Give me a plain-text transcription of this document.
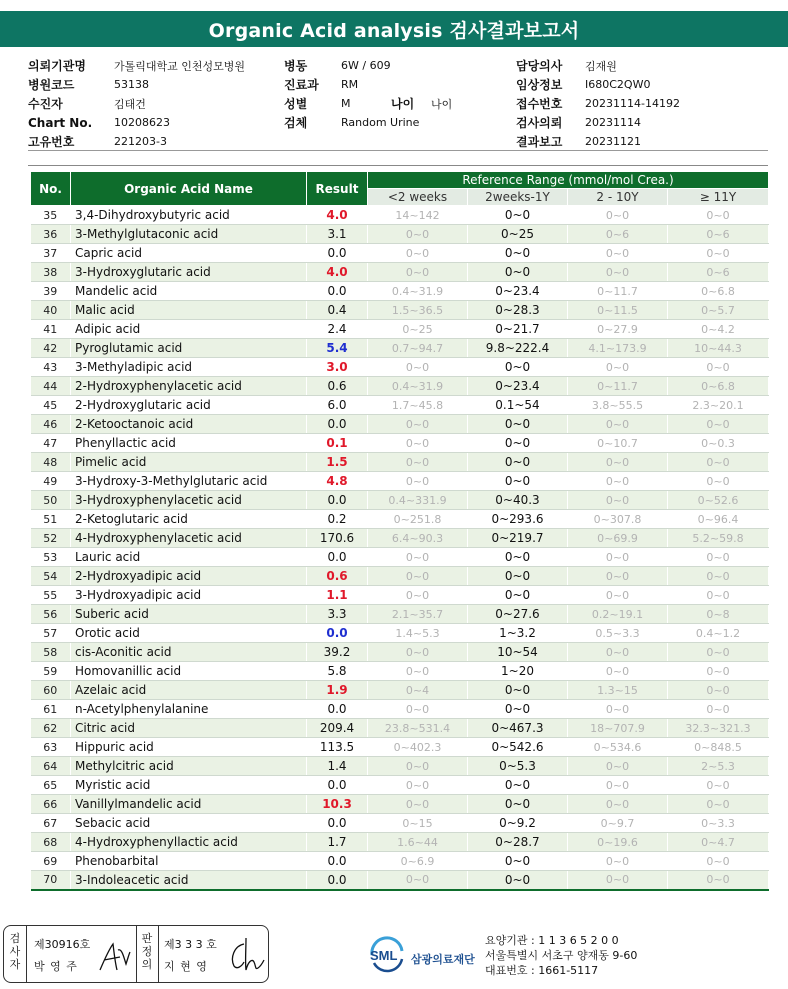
Organic Acid analysis 검사결과보고서
의뢰기관명	가톨릭대학교 인천성모병원	병동	6W / 609	담당의사	김재원
병원코드	53138	진료과	RM	임상정보	I680C2QW0
수진자	김태건	성별	M	나이	나이	접수번호	20231114-14192
Chart No.	10208623	검체	Random Urine	검사의뢰	20231114
고유번호	221203-3	결과보고	20231121
No.	Organic Acid Name	Result	Reference Range (mmol/mol Crea.)			
			<2 weeks	2weeks-1Y	2 - 10Y	≥ 11Y
35	3,4-Dihydroxybutyric acid	4.0	14~142	0~0	0~0	0~0
36	3-Methylglutaconic acid	3.1	0~0	0~25	0~6	0~6
37	Capric acid	0.0	0~0	0~0	0~0	0~0
38	3-Hydroxyglutaric acid	4.0	0~0	0~0	0~0	0~6
39	Mandelic acid	0.0	0.4~31.9	0~23.4	0~11.7	0~6.8
40	Malic acid	0.4	1.5~36.5	0~28.3	0~11.5	0~5.7
41	Adipic acid	2.4	0~25	0~21.7	0~27.9	0~4.2
42	Pyroglutamic acid	5.4	0.7~94.7	9.8~222.4	4.1~173.9	10~44.3
43	3-Methyladipic acid	3.0	0~0	0~0	0~0	0~0
44	2-Hydroxyphenylacetic acid	0.6	0.4~31.9	0~23.4	0~11.7	0~6.8
45	2-Hydroxyglutaric acid	6.0	1.7~45.8	0.1~54	3.8~55.5	2.3~20.1
46	2-Ketooctanoic acid	0.0	0~0	0~0	0~0	0~0
47	Phenyllactic acid	0.1	0~0	0~0	0~10.7	0~0.3
48	Pimelic acid	1.5	0~0	0~0	0~0	0~0
49	3-Hydroxy-3-Methylglutaric acid	4.8	0~0	0~0	0~0	0~0
50	3-Hydroxyphenylacetic acid	0.0	0.4~331.9	0~40.3	0~0	0~52.6
51	2-Ketoglutaric acid	0.2	0~251.8	0~293.6	0~307.8	0~96.4
52	4-Hydroxyphenylacetic acid	170.6	6.4~90.3	0~219.7	0~69.9	5.2~59.8
53	Lauric acid	0.0	0~0	0~0	0~0	0~0
54	2-Hydroxyadipic acid	0.6	0~0	0~0	0~0	0~0
55	3-Hydroxyadipic acid	1.1	0~0	0~0	0~0	0~0
56	Suberic acid	3.3	2.1~35.7	0~27.6	0.2~19.1	0~8
57	Orotic acid	0.0	1.4~5.3	1~3.2	0.5~3.3	0.4~1.2
58	cis-Aconitic acid	39.2	0~0	10~54	0~0	0~0
59	Homovanillic acid	5.8	0~0	1~20	0~0	0~0
60	Azelaic acid	1.9	0~4	0~0	1.3~15	0~0
61	n-Acetylphenylalanine	0.0	0~0	0~0	0~0	0~0
62	Citric acid	209.4	23.8~531.4	0~467.3	18~707.9	32.3~321.3
63	Hippuric acid	113.5	0~402.3	0~542.6	0~534.6	0~848.5
64	Methylcitric acid	1.4	0~0	0~5.3	0~0	2~5.3
65	Myristic acid	0.0	0~0	0~0	0~0	0~0
66	Vanillylmandelic acid	10.3	0~0	0~0	0~0	0~0
67	Sebacic acid	0.0	0~15	0~9.2	0~9.7	0~3.3
68	4-Hydroxyphenyllactic acid	1.7	1.6~44	0~28.7	0~19.6	0~4.7
69	Phenobarbital	0.0	0~6.9	0~0	0~0	0~0
70	3-Indoleacetic acid	0.0	0~0	0~0	0~0	0~0
검사자
제30916호
박 영 주
판정의
제3 3 3 호
지 현 영
SML 삼광의료재단
요양기관 : 1 1 3 6 5 2 0 0
서울특별시 서초구 양재동 9-60
대표번호 : 1661-5117
